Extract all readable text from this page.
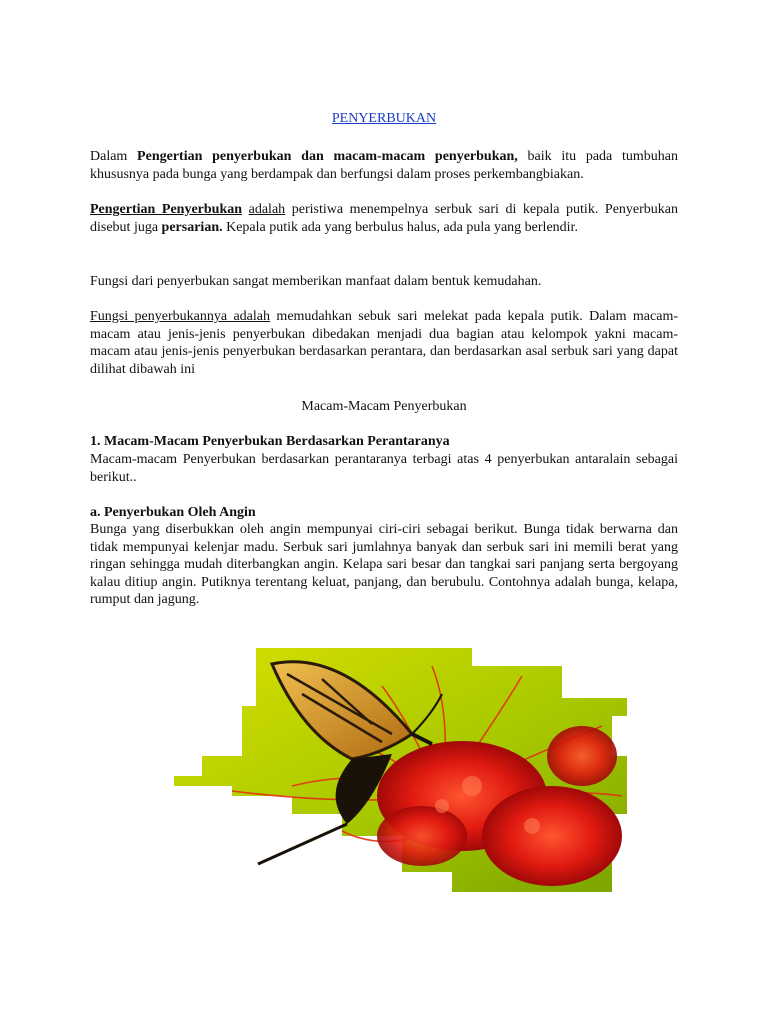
PENYERBUKAN

Dalam Pengertian penyerbukan dan macam-macam penyerbukan, baik itu pada tumbuhan khususnya pada bunga yang berdampak dan berfungsi dalam proses perkembangbiakan.

Pengertian Penyerbukan adalah peristiwa menempelnya serbuk sari di kepala putik. Penyerbukan disebut juga persarian. Kepala putik ada yang berbulus halus, ada pula yang berlendir.

Fungsi dari penyerbukan sangat memberikan manfaat dalam bentuk kemudahan.

Fungsi penyerbukannya adalah memudahkan sebuk sari melekat pada kepala putik. Dalam macam-macam atau jenis-jenis penyerbukan dibedakan menjadi dua bagian atau kelompok yakni macam-macam atau jenis-jenis penyerbukan berdasarkan perantara, dan berdasarkan asal serbuk sari yang dapat dilihat dibawah ini

Macam-Macam Penyerbukan
1. Macam-Macam Penyerbukan Berdasarkan Perantaranya

Macam-macam Penyerbukan berdasarkan perantaranya terbagi atas 4 penyerbukan antaralain sebagai berikut..

a. Penyerbukan Oleh Angin

Bunga yang diserbukkan oleh angin mempunyai ciri-ciri sebagai berikut. Bunga tidak berwarna dan tidak mempunyai kelenjar madu. Serbuk sari jumlahnya banyak dan serbuk sari ini memili berat yang ringan sehingga mudah diterbangkan angin. Kelapa sari besar dan tangkai sari panjang serta bergoyang kalau ditiup angin. Putiknya terentang keluat, panjang, dan berubulu. Contohnya adalah bunga, kelapa, rumput dan jagung.
